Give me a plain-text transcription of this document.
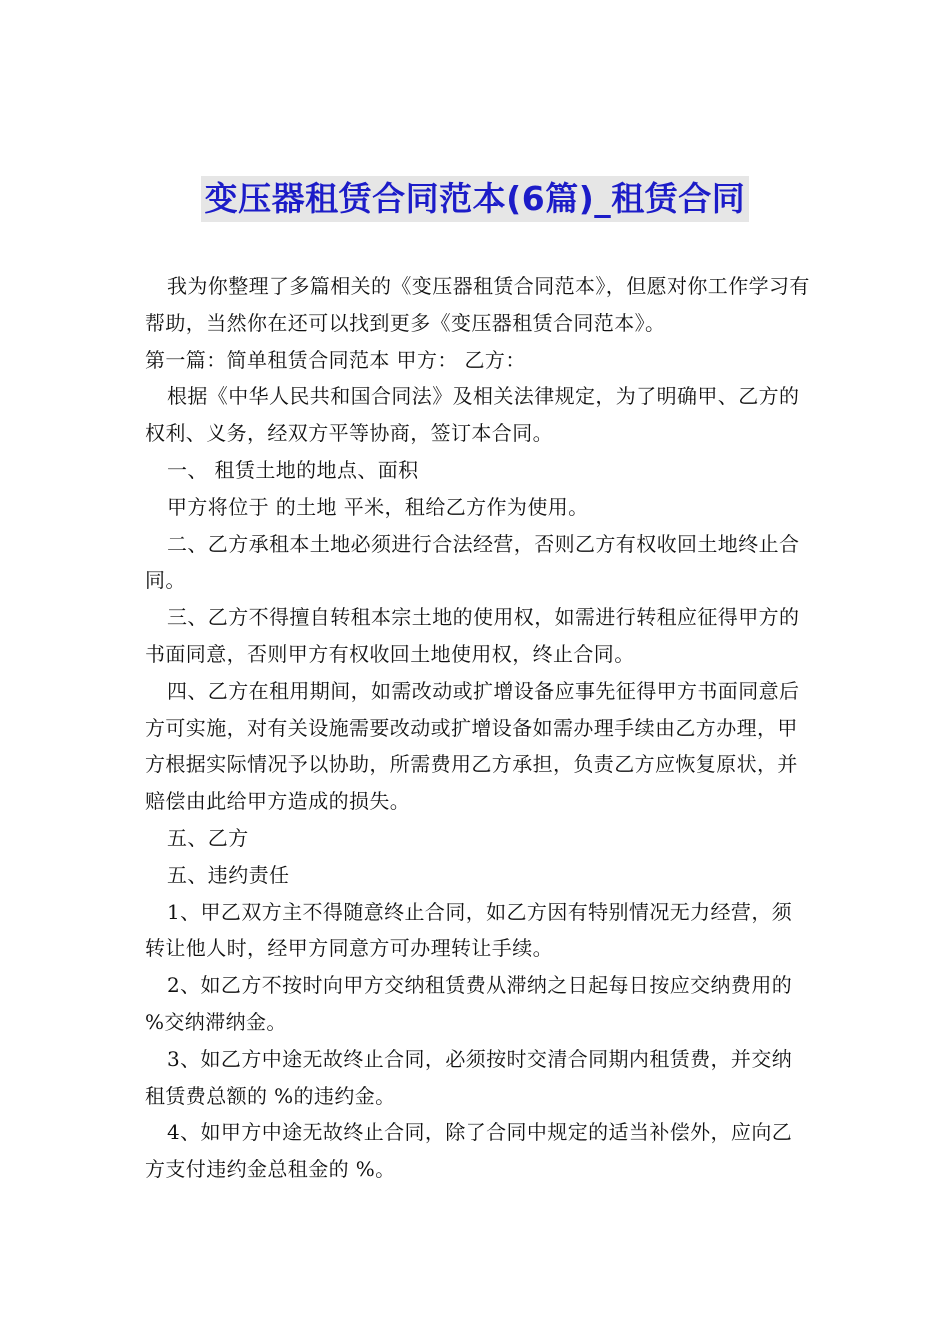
变压器租赁合同范本(6篇)_租赁合同

我为你整理了多篇相关的《变压器租赁合同范本》，但愿对你工作学习有帮助，当然你在还可以找到更多《变压器租赁合同范本》。

第一篇：简单租赁合同范本 甲方： 乙方：

根据《中华人民共和国合同法》及相关法律规定，为了明确甲、乙方的权利、义务，经双方平等协商，签订本合同。

一、 租赁土地的地点、面积

甲方将位于 的土地 平米，租给乙方作为使用。

二、乙方承租本土地必须进行合法经营，否则乙方有权收回土地终止合同。

三、乙方不得擅自转租本宗土地的使用权，如需进行转租应征得甲方的书面同意，否则甲方有权收回土地使用权，终止合同。

四、乙方在租用期间，如需改动或扩增设备应事先征得甲方书面同意后方可实施，对有关设施需要改动或扩增设备如需办理手续由乙方办理，甲方根据实际情况予以协助，所需费用乙方承担，负责乙方应恢复原状，并赔偿由此给甲方造成的损失。

五、乙方

五、违约责任

1、甲乙双方主不得随意终止合同，如乙方因有特别情况无力经营，须转让他人时，经甲方同意方可办理转让手续。

2、如乙方不按时向甲方交纳租赁费从滞纳之日起每日按应交纳费用的 %交纳滞纳金。

3、如乙方中途无故终止合同，必须按时交清合同期内租赁费，并交纳租赁费总额的 %的违约金。

4、如甲方中途无故终止合同，除了合同中规定的适当补偿外，应向乙方支付违约金总租金的 %。
